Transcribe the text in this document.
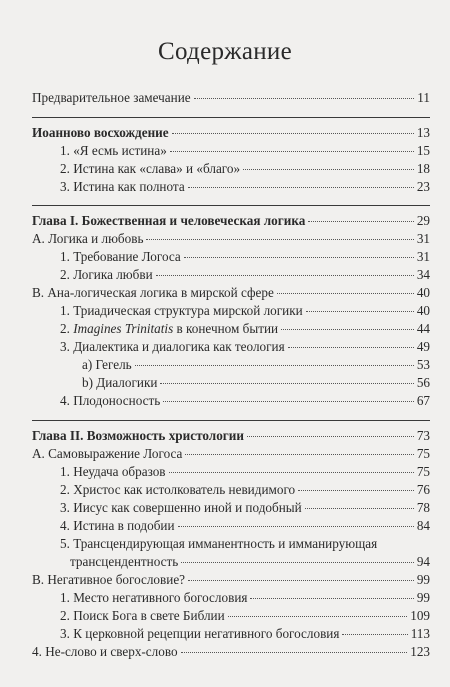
Содержание
Предварительное замечание	11
Иоанново восхождение	13
1. «Я есмь истина»	15
2. Истина как «слава» и «благо»	18
3. Истина как полнота	23
Глава I. Божественная и человеческая логика	29
A. Логика и любовь	31
1. Требование Логоса	31
2. Логика любви	34
B. Ана-логическая логика в мирской сфере	40
1. Триадическая структура мирской логики	40
2. Imagines Trinitatis в конечном бытии	44
3. Диалектика и диалогика как теология	49
a) Гегель	53
b) Диалогики	56
4. Плодоносность	67
Глава II. Возможность христологии	73
A. Самовыражение Логоса	75
1. Неудача образов	75
2. Христос как истолкователь невидимого	76
3. Иисус как совершенно иной и подобный	78
4. Истина в подобии	84
5. Трансцендирующая имманентность и имманирующая
трансцендентность	94
B. Негативное богословие?	99
1. Место негативного богословия	99
2. Поиск Бога в свете Библии	109
3. К церковной рецепции негативного богословия	113
4. Не-слово и сверх-слово	123
